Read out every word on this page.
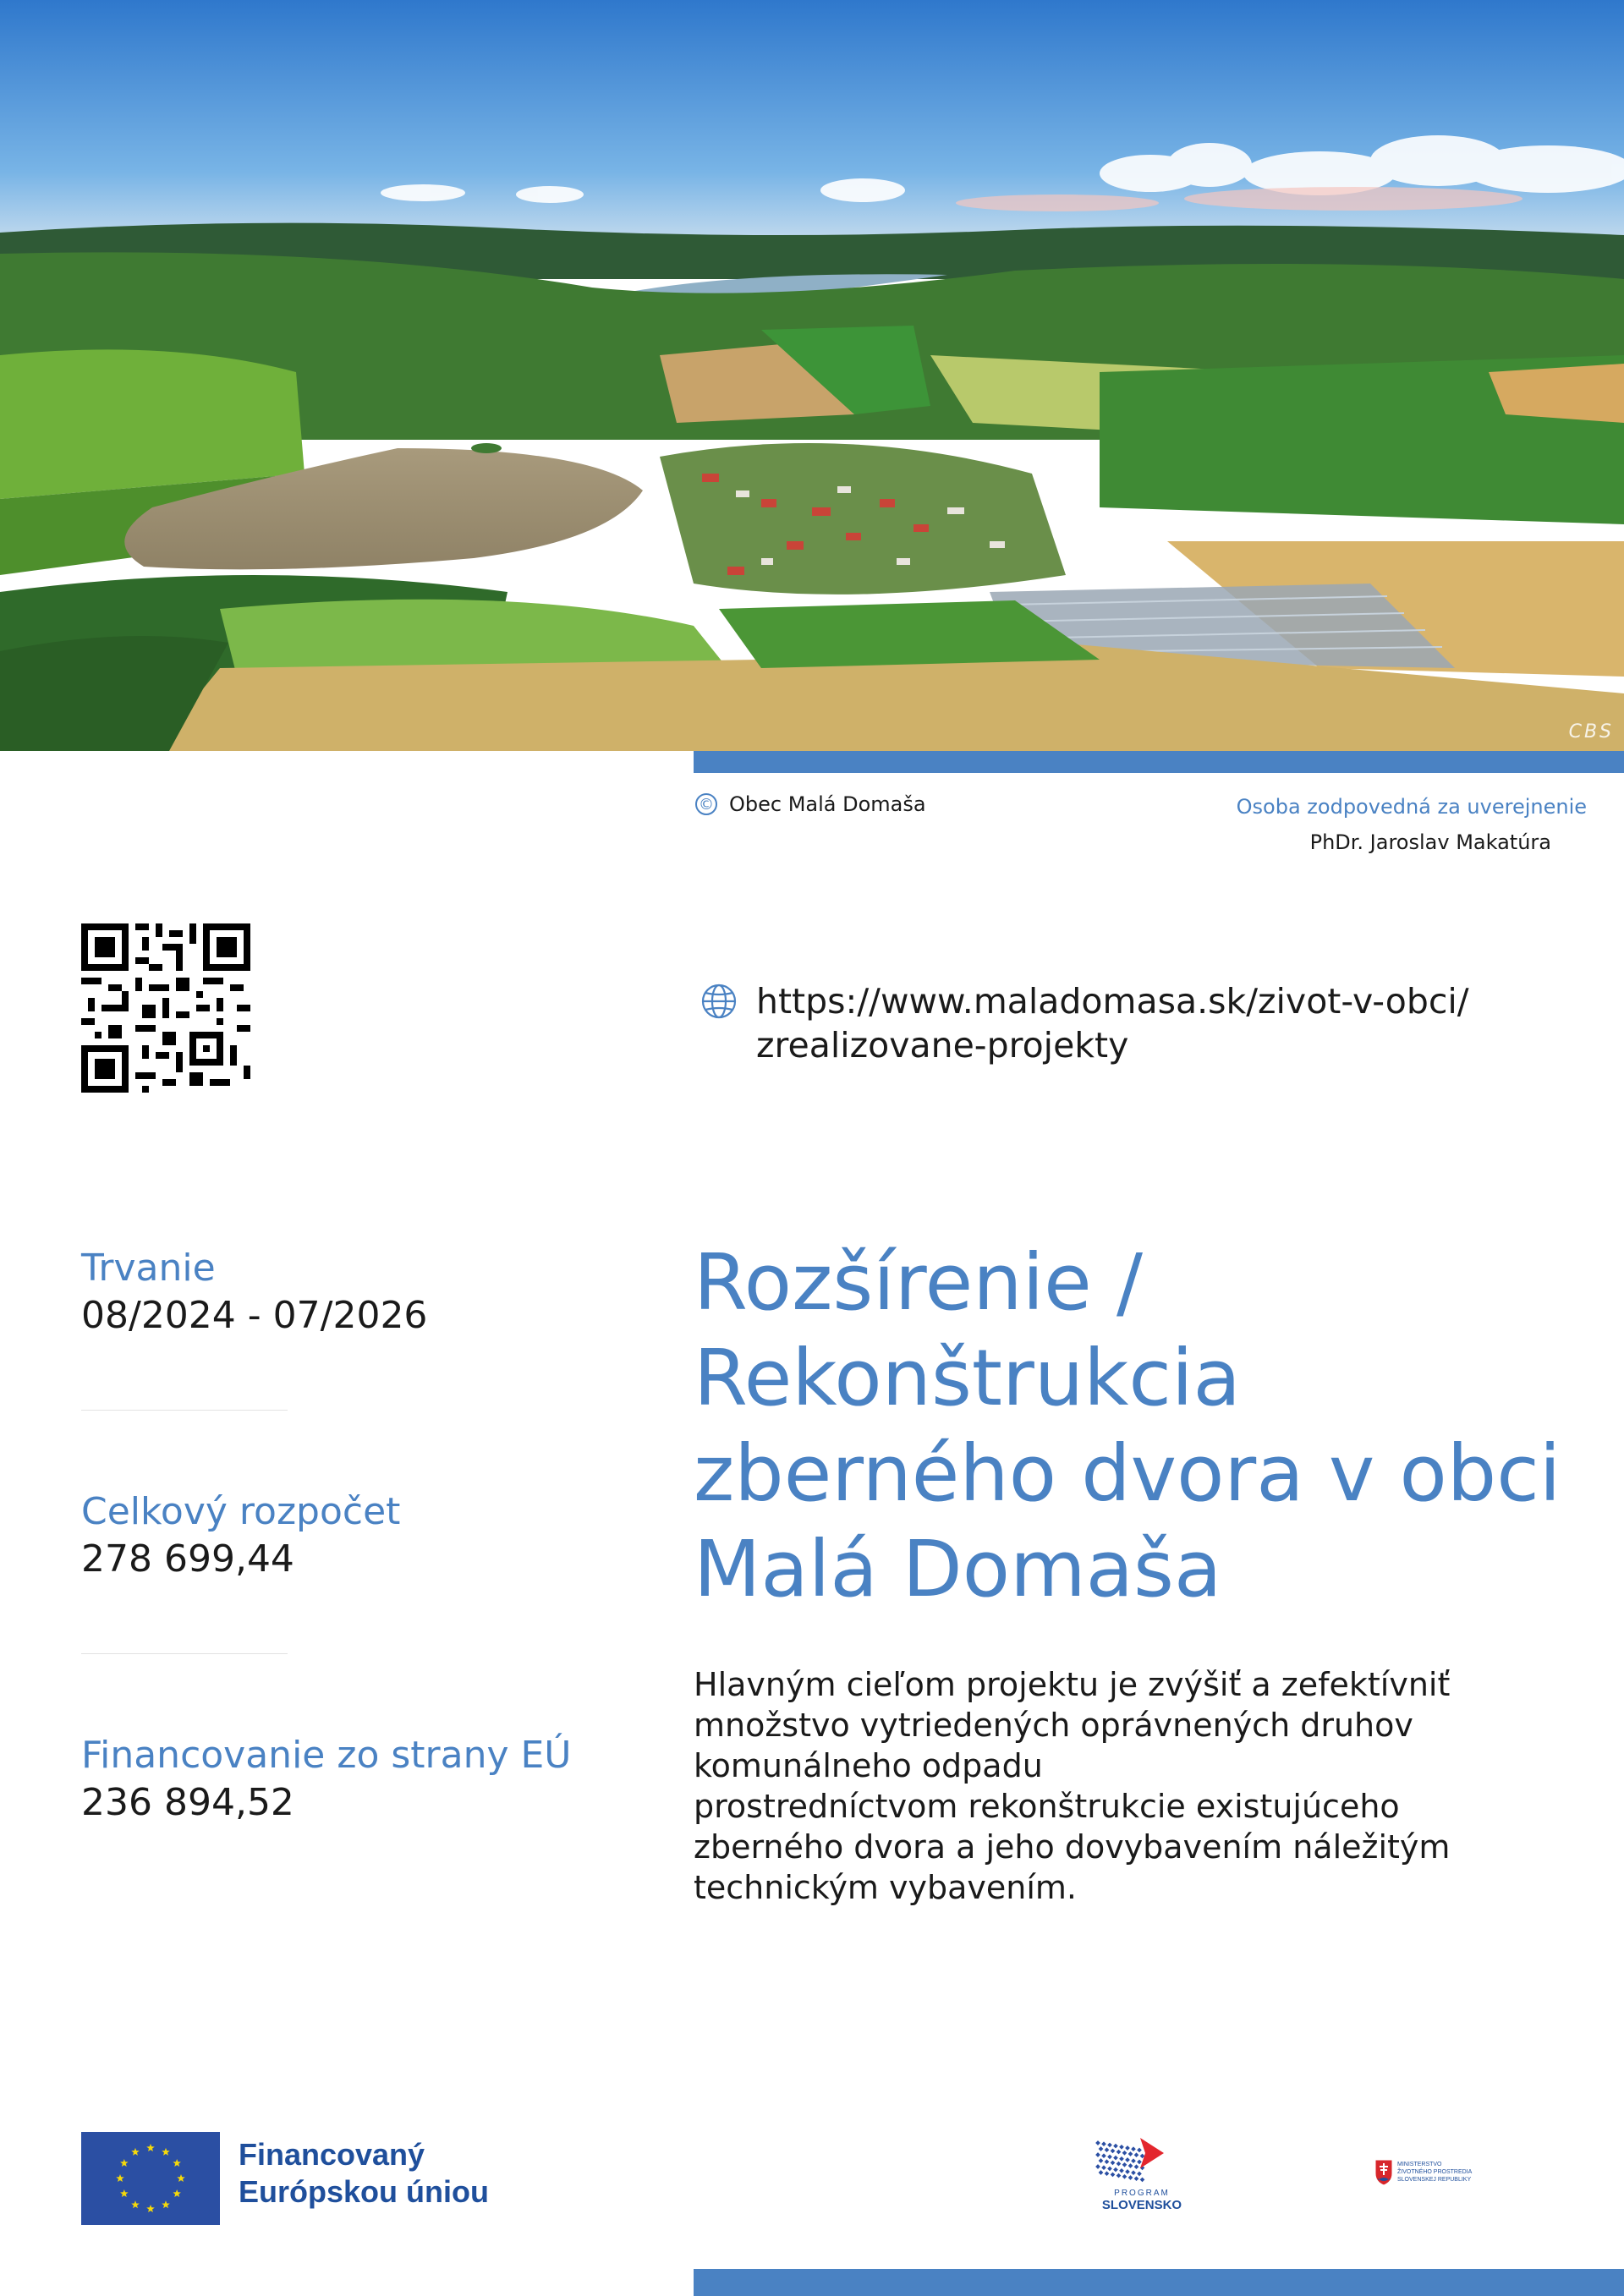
CBS
© Obec Malá Domaša	Osoba zodpovedná za uverejnenie
PhDr. Jaroslav Makatúra
https://www.maladomasa.sk/zivot-v-obci/
zrealizovane-projekty
Trvanie
08/2024 - 07/2026
Celkový rozpočet
278 699,44
Financovanie zo strany EÚ
236 894,52
Rozšírenie / Rekonštrukcia zberného dvora v obci Malá Domaša

Hlavným cieľom projektu je zvýšiť a zefektívniť
množstvo vytriedených oprávnených druhov
komunálneho odpadu
prostredníctvom rekonštrukcie existujúceho
zberného dvora a jeho dovybavením náležitým
technickým vybavením.

Financovaný
Európskou úniou	PROGRAM
SLOVENSKO
MINISTERSTVO
ŽIVOTNÉHO PROSTREDIA
SLOVENSKEJ REPUBLIKY
